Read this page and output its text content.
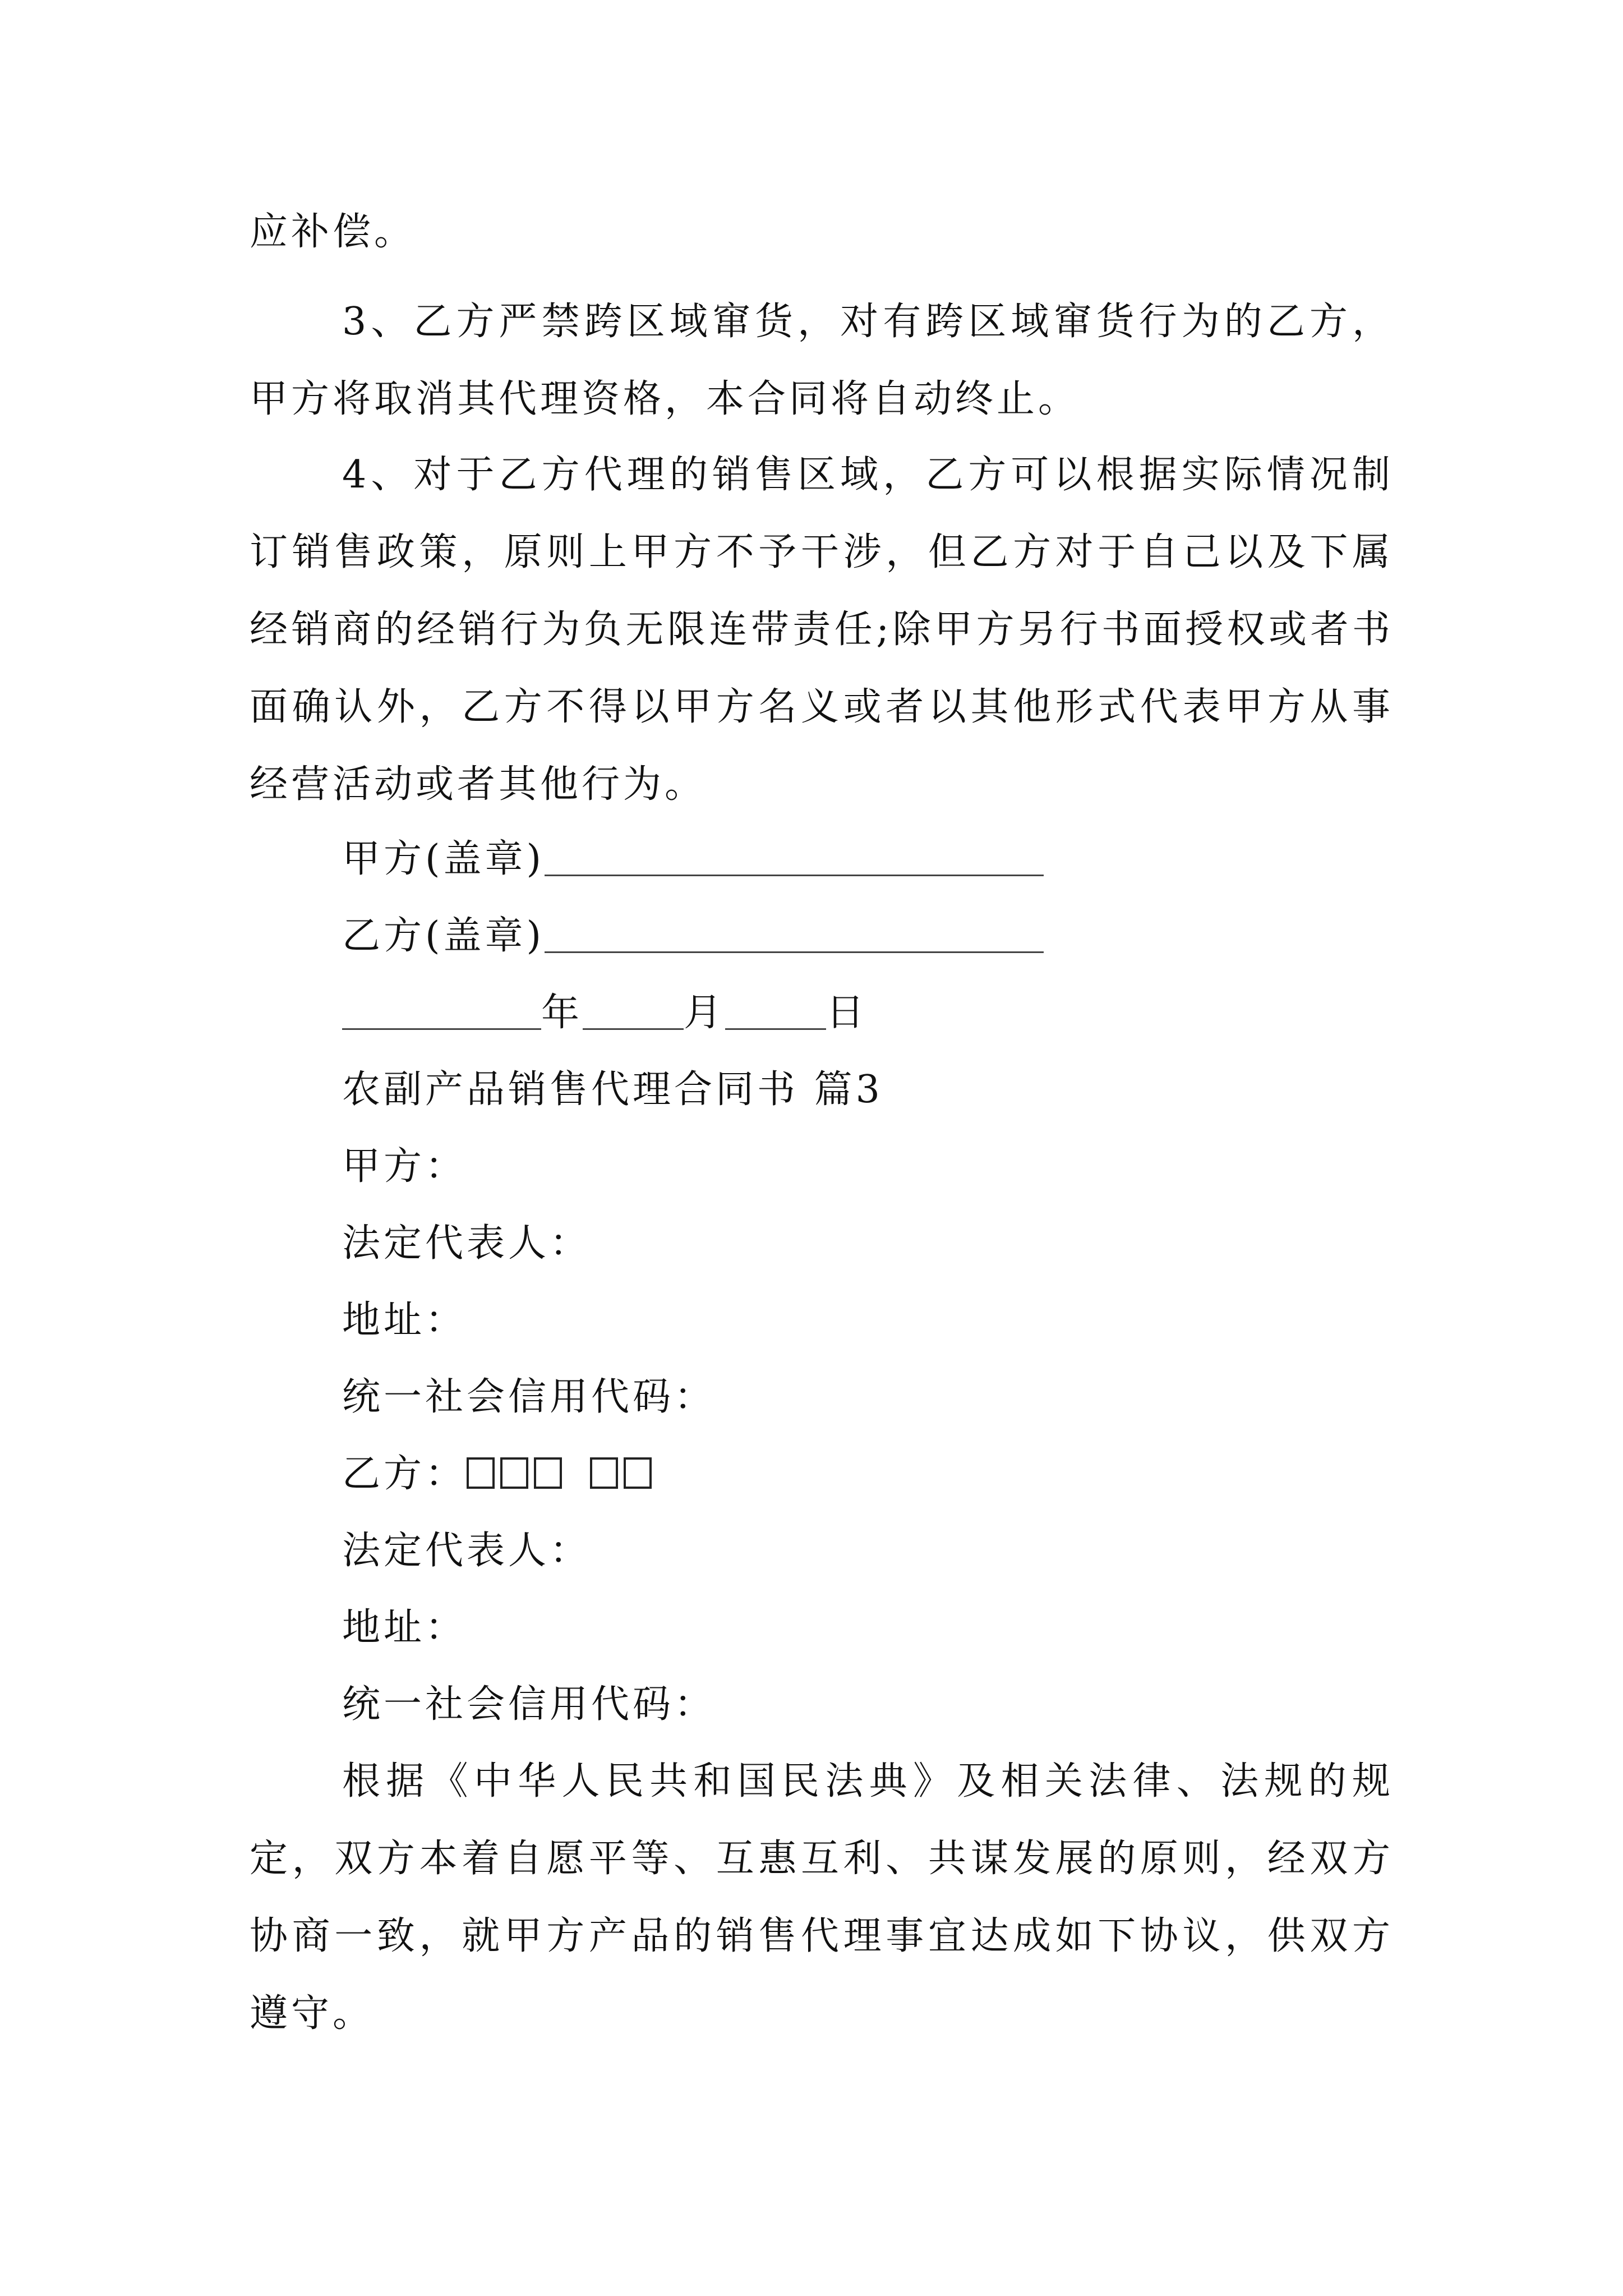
应补偿。

3、乙方严禁跨区域窜货，对有跨区域窜货行为的乙方，甲方将取消其代理资格，本合同将自动终止。

4、对于乙方代理的销售区域，乙方可以根据实际情况制订销售政策，原则上甲方不予干涉，但乙方对于自己以及下属经销商的经销行为负无限连带责任;除甲方另行书面授权或者书面确认外，乙方不得以甲方名义或者以其他形式代表甲方从事经营活动或者其他行为。

甲方(盖章)
乙方(盖章)
年	月	日
农副产品销售代理合同书 篇3
甲方：
法定代表人：
地址：
统一社会信用代码：
乙方：
法定代表人：
地址：
统一社会信用代码：

根据《中华人民共和国民法典》及相关法律、法规的规定，双方本着自愿平等、互惠互利、共谋发展的原则，经双方协商一致，就甲方产品的销售代理事宜达成如下协议，供双方遵守。
